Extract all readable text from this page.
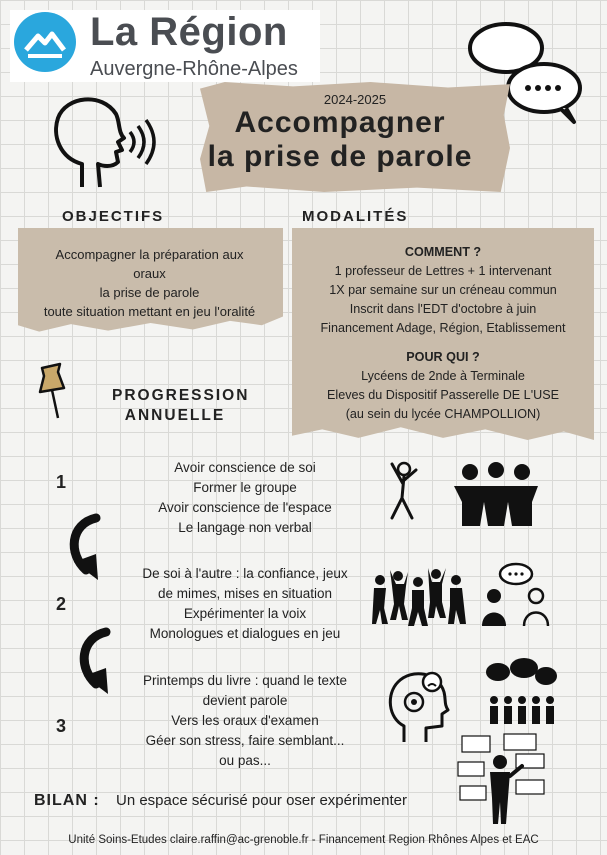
La Région
Auvergne-Rhône-Alpes
2024-2025
Accompagner
la prise de parole
OBJECTIFS
Accompagner la préparation aux
oraux
la prise de parole
toute situation mettant en jeu l'oralité
MODALITÉS
COMMENT ?
1 professeur de Lettres + 1 intervenant
1X par semaine sur un créneau commun
Inscrit dans l'EDT d'octobre à juin
Financement Adage, Région, Etablissement
POUR QUI ?
Lycéens de 2nde à Terminale
Eleves du Dispositif Passerelle DE L'USE
(au sein du lycée CHAMPOLLION)
PROGRESSION
ANNUELLE
1
Avoir conscience de soi
Former le groupe
Avoir conscience de l'espace
Le langage non verbal
2
De soi à l'autre : la confiance, jeux
de mimes, mises en situation
Expérimenter la voix
Monologues et dialogues en jeu
3
Printemps du livre : quand le texte
devient parole
Vers les oraux d'examen
Géer son stress, faire semblant...
ou pas...
BILAN : Un espace sécurisé pour oser expérimenter
Unité Soins-Etudes claire.raffin@ac-grenoble.fr - Financement Region Rhônes Alpes et EAC
